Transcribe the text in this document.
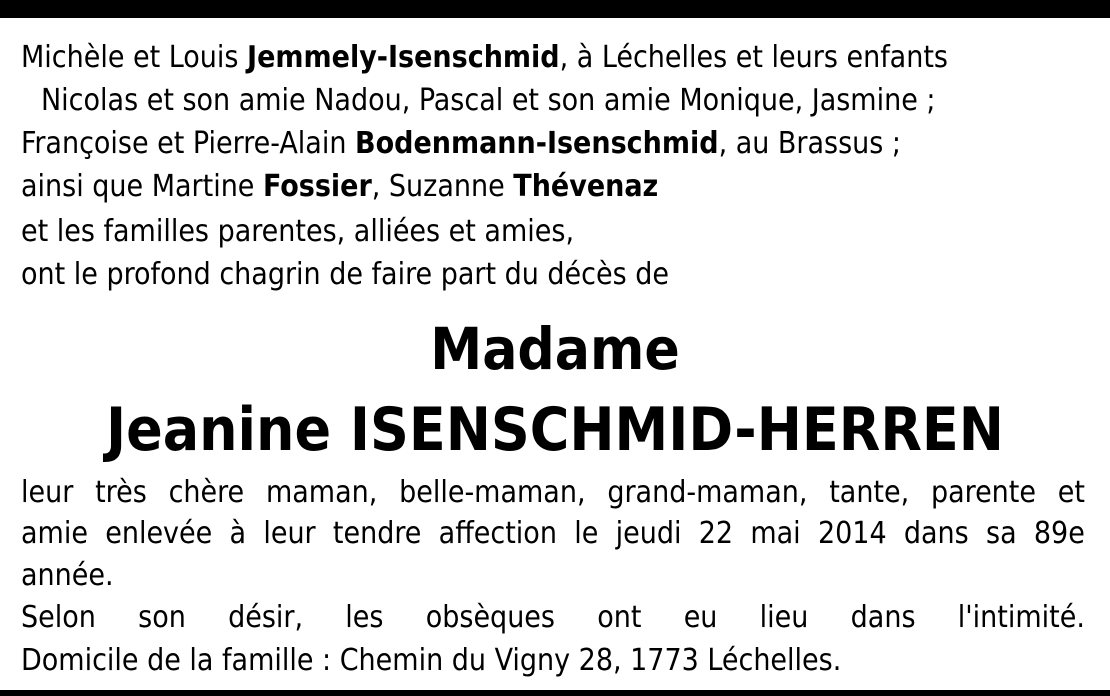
Michèle et Louis Jemmely-Isenschmid, à Léchelles et leurs enfants
Nicolas et son amie Nadou, Pascal et son amie Monique, Jasmine ;
Françoise et Pierre-Alain Bodenmann-Isenschmid, au Brassus ;
ainsi que Martine Fossier, Suzanne Thévenaz
et les familles parentes, alliées et amies,
ont le profond chagrin de faire part du décès de
Madame
Jeanine ISENSCHMID-HERREN
leur très chère maman, belle-maman, grand-maman, tante, parente et
amie enlevée à leur tendre affection le jeudi 22 mai 2014 dans sa 89e
année.
Selon son désir, les obsèques ont eu lieu dans l'intimité.
Domicile de la famille : Chemin du Vigny 28, 1773 Léchelles.
